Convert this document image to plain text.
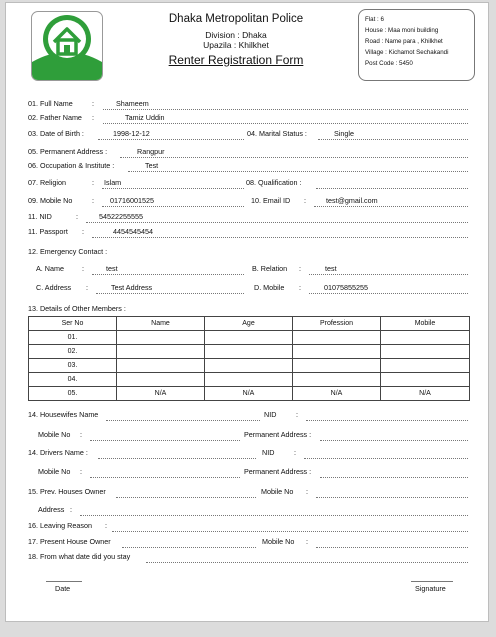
Dhaka Metropolitan Police
Division : Dhaka
Upazila : Khilkhet
Renter Registration Form
Flat : 6
House : Maa moni building
Road : Name para , Khilkhet
Village : Kichamot Sechakandi
Post Code : 5450
01. Full Name	:	Shameem
02. Father Name :	Tamiz Uddin
03. Date of Birth :	1998-12-12	04. Marital Status :	Single
05. Permanent Address :	Rangpur
06. Occupation & Institute :	Test
07. Religion	: Islam	08. Qualification :
09. Mobile No	: 01716001525	10. Email ID :	test@gmail.com
11. NID	:	54522255555
11. Passport :	4454545454
12. Emergency Contact :
A. Name	:	test	B. Relation :	test
C. Address :	Test Address	D. Mobile :	01075855255
13. Details of Other Members :
Ser No	Name	Age	Profession	Mobile
01.				
02.				
03.				
04.				
05.	N/A	N/A	N/A	N/A
14. Housewifes Name	NID	:
Mobile No :	Permanent Address :
14. Drivers Name :	NID	:
Mobile No :	Permanent Address :
15. Prev. Houses Owner	Mobile No :
Address :
16. Leaving Reason :
17. Present House Owner	Mobile No :
18. From what date did you stay
Date	Signature
